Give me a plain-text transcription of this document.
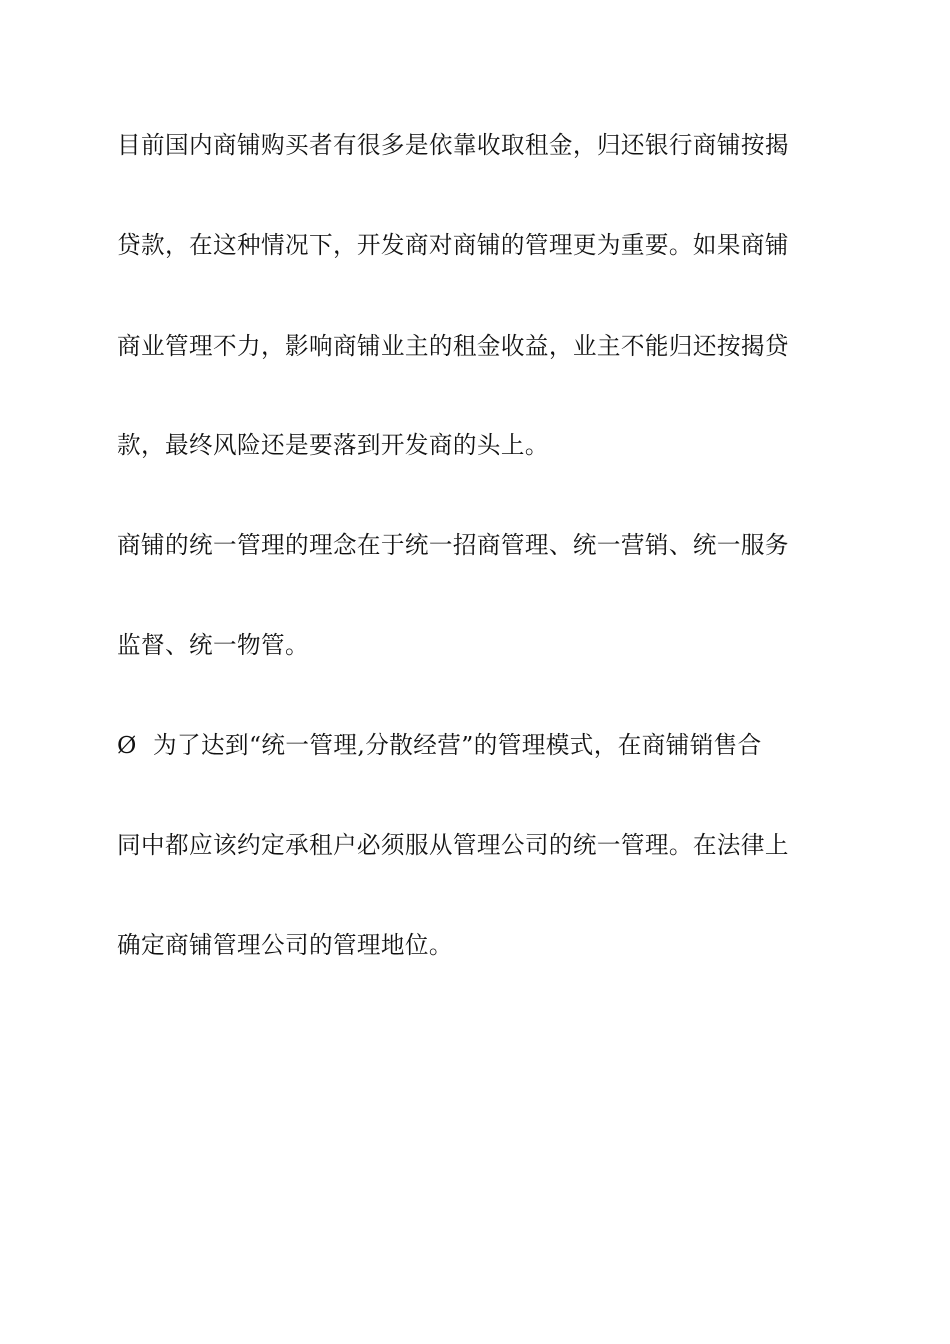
目前国内商铺购买者有很多是依靠收取租金，归还银行商铺按揭
贷款，在这种情况下，开发商对商铺的管理更为重要。如果商铺
商业管理不力，影响商铺业主的租金收益，业主不能归还按揭贷
款，最终风险还是要落到开发商的头上。
商铺的统一管理的理念在于统一招商管理、统一营销、统一服务
监督、统一物管。
Ø 为了达到“统一管理,分散经营”的管理模式，在商铺销售合
同中都应该约定承租户必须服从管理公司的统一管理。在法律上
确定商铺管理公司的管理地位。
